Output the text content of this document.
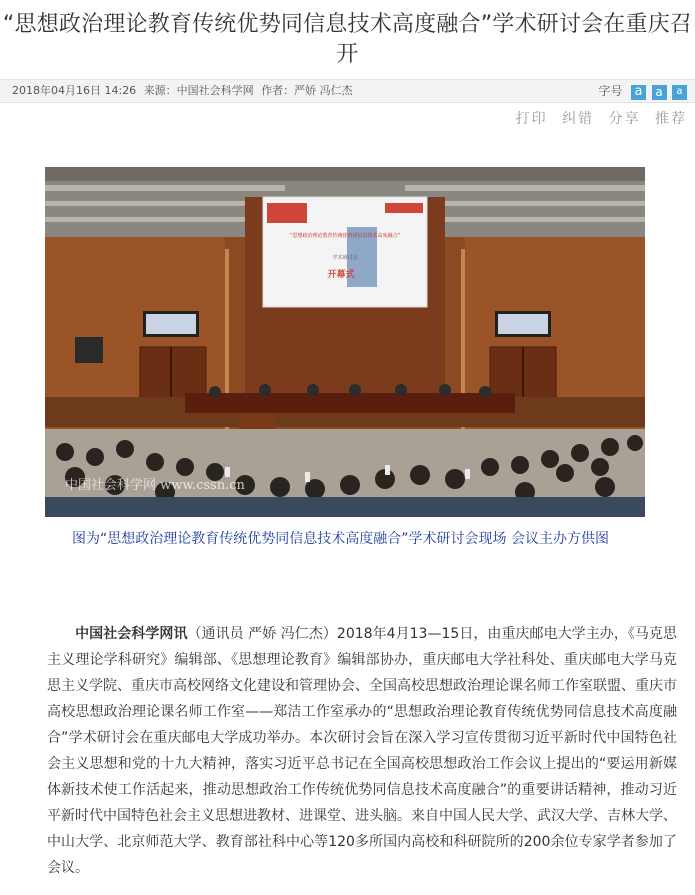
“思想政治理论教育传统优势同信息技术高度融合”学术研讨会在重庆召开
2018年04月16日 14:26 来源：中国社会科学网 作者：严娇 冯仁杰	字号 a a a
打印 纠错 分享 推荐
“思想政治理论教育传统优势同信息技术高度融合”
学术研讨会
开幕式
中国社会科学网 www.cssn.cn

图为“思想政治理论教育传统优势同信息技术高度融合”学术研讨会现场 会议主办方供图

　　中国社会科学网讯（通讯员 严娇 冯仁杰）2018年4月13—15日，由重庆邮电大学主办，《马克思主义理论学科研究》编辑部、《思想理论教育》编辑部协办，重庆邮电大学社科处、重庆邮电大学马克思主义学院、重庆市高校网络文化建设和管理协会、全国高校思想政治理论课名师工作室联盟、重庆市高校思想政治理论课名师工作室——郑洁工作室承办的“思想政治理论教育传统优势同信息技术高度融合”学术研讨会在重庆邮电大学成功举办。本次研讨会旨在深入学习宣传贯彻习近平新时代中国特色社会主义思想和党的十九大精神，落实习近平总书记在全国高校思想政治工作会议上提出的“要运用新媒体新技术使工作活起来，推动思想政治工作传统优势同信息技术高度融合”的重要讲话精神，推动习近平新时代中国特色社会主义思想进教材、进课堂、进头脑。来自中国人民大学、武汉大学、吉林大学、中山大学、北京师范大学、教育部社科中心等120多所国内高校和科研院所的200余位专家学者参加了会议。
